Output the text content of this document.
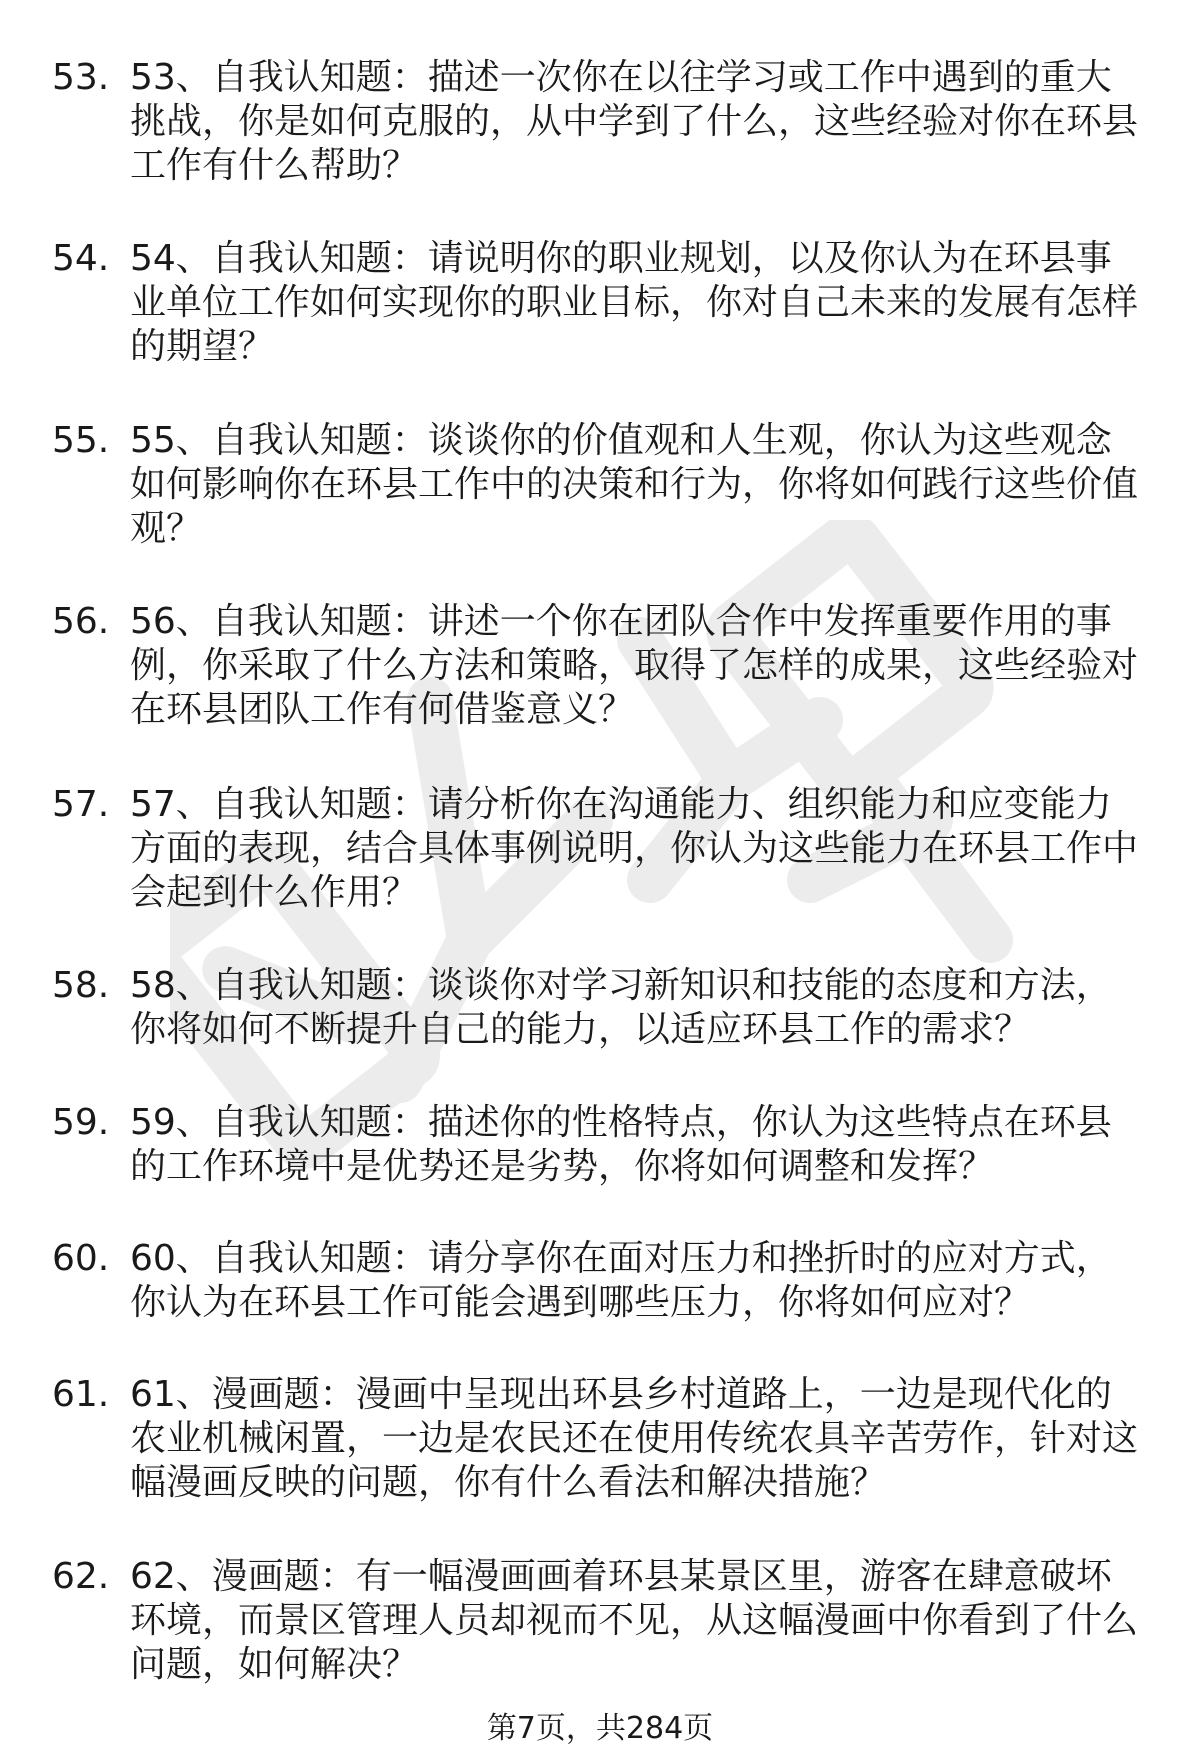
53. 53、自我认知题：描述一次你在以往学习或工作中遇到的重大挑战，你是如何克服的，从中学到了什么，这些经验对你在环县工作有什么帮助？
54. 54、自我认知题：请说明你的职业规划，以及你认为在环县事业单位工作如何实现你的职业目标，你对自己未来的发展有怎样的期望？
55. 55、自我认知题：谈谈你的价值观和人生观，你认为这些观念如何影响你在环县工作中的决策和行为，你将如何践行这些价值观？
56. 56、自我认知题：讲述一个你在团队合作中发挥重要作用的事例，你采取了什么方法和策略，取得了怎样的成果，这些经验对在环县团队工作有何借鉴意义？
57. 57、自我认知题：请分析你在沟通能力、组织能力和应变能力方面的表现，结合具体事例说明，你认为这些能力在环县工作中会起到什么作用？
58. 58、自我认知题：谈谈你对学习新知识和技能的态度和方法，你将如何不断提升自己的能力，以适应环县工作的需求？
59. 59、自我认知题：描述你的性格特点，你认为这些特点在环县的工作环境中是优势还是劣势，你将如何调整和发挥？
60. 60、自我认知题：请分享你在面对压力和挫折时的应对方式，你认为在环县工作可能会遇到哪些压力，你将如何应对？
61. 61、漫画题：漫画中呈现出环县乡村道路上，一边是现代化的农业机械闲置，一边是农民还在使用传统农具辛苦劳作，针对这幅漫画反映的问题，你有什么看法和解决措施？
62. 62、漫画题：有一幅漫画画着环县某景区里，游客在肆意破坏环境，而景区管理人员却视而不见，从这幅漫画中你看到了什么问题，如何解决？
第7页，共284页
